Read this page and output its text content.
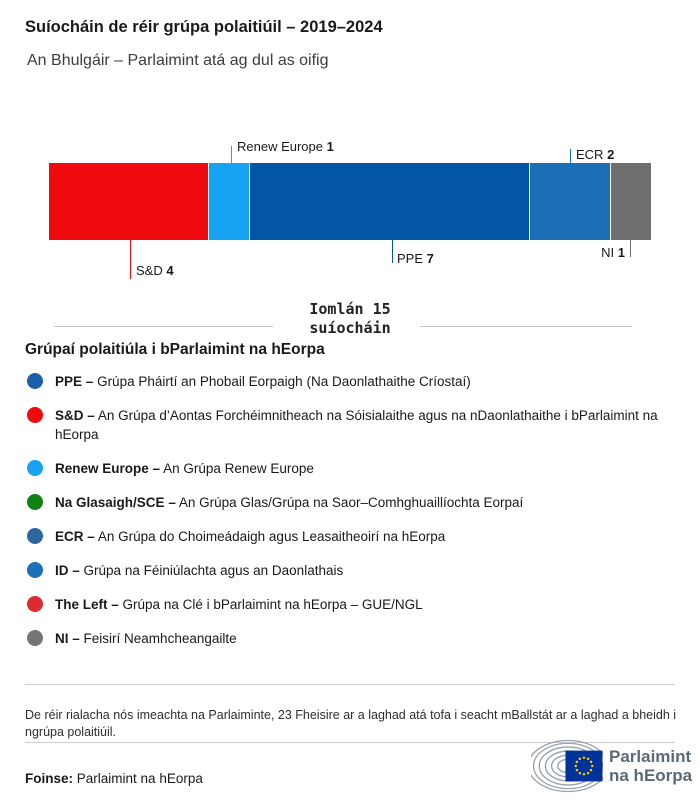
Suíocháin de réir grúpa polaitiúil – 2019–2024
An Bhulgáir – Parlaimint atá ag dul as oifig
Renew Europe 1
ECR 2
S&D 4
PPE 7	NI 1
Iomlán 15
suíocháin
Grúpaí polaitiúla i bParlaimint na hEorpa

PPE – Grúpa Pháirtí an Phobail Eorpaigh (Na Daonlathaithe Críostaí)

S&D – An Grúpa d’Aontas Forchéimnitheach na Sóisialaithe agus na nDaonlathaithe i bParlaimint na hEorpa

Renew Europe – An Grúpa Renew Europe

Na Glasaigh/SCE – An Grúpa Glas/Grúpa na Saor–Comhghuaillíochta Eorpaí

ECR – An Grúpa do Choimeádaigh agus Leasaitheoirí na hEorpa

ID – Grúpa na Féiniúlachta agus an Daonlathais

The Left – Grúpa na Clé i bParlaimint na hEorpa – GUE/NGL

NI – Feisirí Neamhcheangailte

De réir rialacha nós imeachta na Parlaiminte, 23 Fheisire ar a laghad atá tofa i seacht mBallstát ar a laghad a bheidh i ngrúpa polaitiúil.

Foinse: Parlaimint na hEorpa
Parlaimint
na hEorpa
